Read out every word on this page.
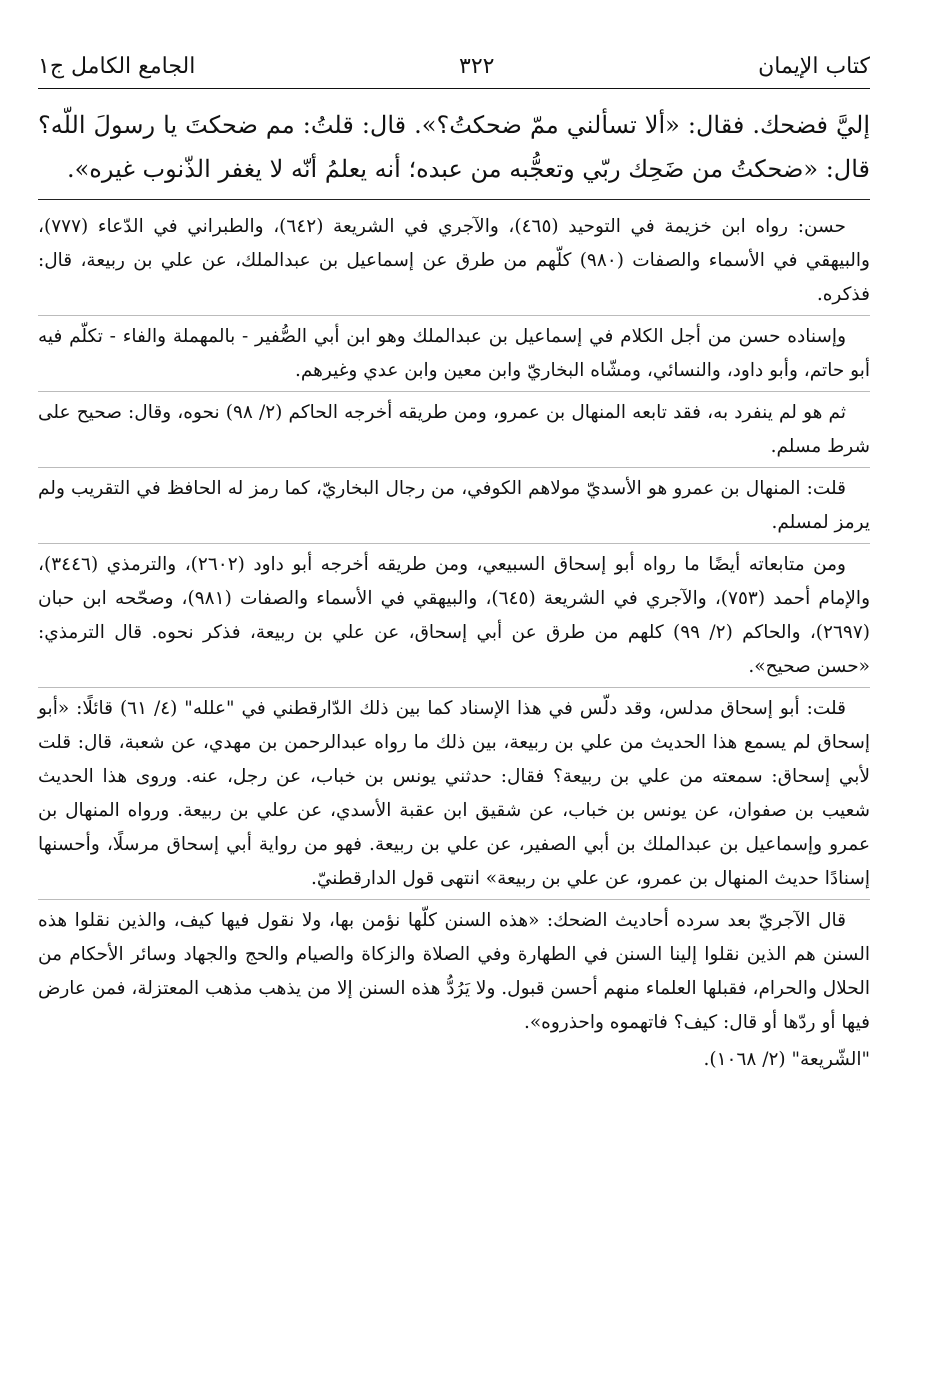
كتاب الإيمان
٣٢٢
الجامع الكامل ج١

إليَّ فضحك. فقال: «ألا تسألني ممّ ضحكتُ؟». قال: قلتُ: مم ضحكتَ يا رسولَ اللّه؟ قال: «ضحكتُ من ضَحِك ربّي وتعجُّبه من عبده؛ أنه يعلمُ أنّه لا يغفر الذّنوب غيره».

حسن: رواه ابن خزيمة في التوحيد (٤٦٥)، والآجري في الشريعة (٦٤٢)، والطبراني في الدّعاء (٧٧٧)، والبيهقي في الأسماء والصفات (٩٨٠) كلّهم من طرق عن إسماعيل بن عبدالملك، عن علي بن ربيعة، قال: فذكره.

وإسناده حسن من أجل الكلام في إسماعيل بن عبدالملك وهو ابن أبي الصُّفير - بالمهملة والفاء - تكلّم فيه أبو حاتم، وأبو داود، والنسائي، ومشّاه البخاريّ وابن معين وابن عدي وغيرهم.

ثم هو لم ينفرد به، فقد تابعه المنهال بن عمرو، ومن طريقه أخرجه الحاكم (٢/ ٩٨) نحوه، وقال: صحيح على شرط مسلم.

قلت: المنهال بن عمرو هو الأسديّ مولاهم الكوفي، من رجال البخاريّ، كما رمز له الحافظ في التقريب ولم يرمز لمسلم.

ومن متابعاته أيضًا ما رواه أبو إسحاق السبيعي، ومن طريقه أخرجه أبو داود (٢٦٠٢)، والترمذي (٣٤٤٦)، والإمام أحمد (٧٥٣)، والآجري في الشريعة (٦٤٥)، والبيهقي في الأسماء والصفات (٩٨١)، وصحّحه ابن حبان (٢٦٩٧)، والحاكم (٢/ ٩٩) كلهم من طرق عن أبي إسحاق، عن علي بن ربيعة، فذكر نحوه. قال الترمذي: «حسن صحيح».

قلت: أبو إسحاق مدلس، وقد دلّس في هذا الإسناد كما بين ذلك الدّارقطني في "علله" (٤/ ٦١) قائلًا: «أبو إسحاق لم يسمع هذا الحديث من علي بن ربيعة، بين ذلك ما رواه عبدالرحمن بن مهدي، عن شعبة، قال: قلت لأبي إسحاق: سمعته من علي بن ربيعة؟ فقال: حدثني يونس بن خباب، عن رجل، عنه. وروى هذا الحديث شعيب بن صفوان، عن يونس بن خباب، عن شقيق ابن عقبة الأسدي، عن علي بن ربيعة. ورواه المنهال بن عمرو وإسماعيل بن عبدالملك بن أبي الصفير، عن علي بن ربيعة. فهو من رواية أبي إسحاق مرسلًا، وأحسنها إسنادًا حديث المنهال بن عمرو، عن علي بن ربيعة» انتهى قول الدارقطنيّ.

قال الآجريّ بعد سرده أحاديث الضحك: «هذه السنن كلّها نؤمن بها، ولا نقول فيها كيف، والذين نقلوا هذه السنن هم الذين نقلوا إلينا السنن في الطهارة وفي الصلاة والزكاة والصيام والحج والجهاد وسائر الأحكام من الحلال والحرام، فقبلها العلماء منهم أحسن قبول. ولا يَرُدُّ هذه السنن إلا من يذهب مذهب المعتزلة، فمن عارض فيها أو ردّها أو قال: كيف؟ فاتهموه واحذروه».

"الشّريعة" (٢/ ١٠٦٨).
